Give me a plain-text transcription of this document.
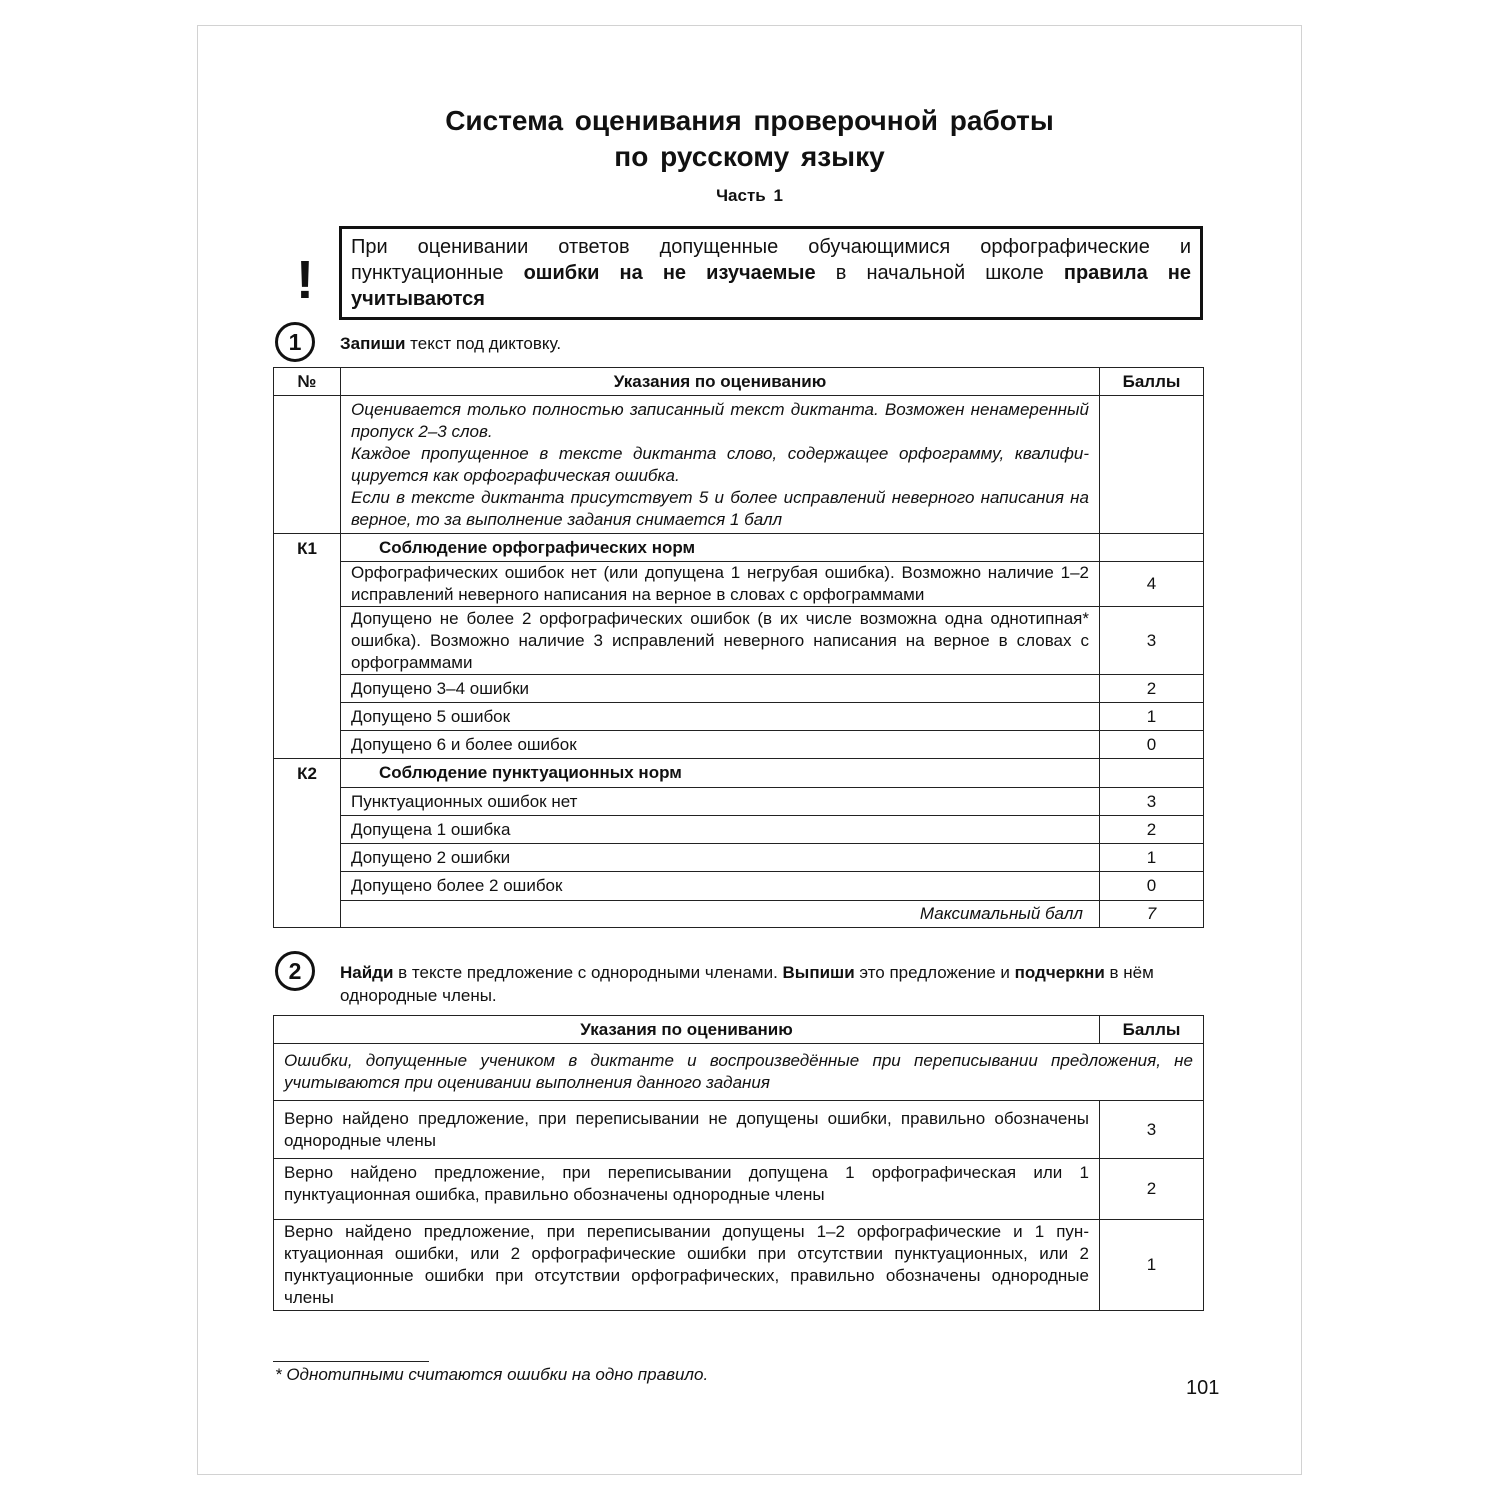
Система оценивания проверочной работы
по русскому языку
Часть 1
!
При оценивании ответов допущенные обучающимися орфографические и пунктуационные ошибки на не изучаемые в начальной школе правила не учитываются
1	Запиши текст под диктовку.
№	Указания по оцениванию	Баллы

	Оценивается только полностью записанный текст диктанта. Возможен ненамеренный пропуск 2–3 слов.
Каждое пропущенное в тексте диктанта слово, содержащее орфограмму, квалифицируется как орфографическая ошибка.
Если в тексте диктанта присутствует 5 и более исправлений неверного написания на верное, то за выполнение задания снимается 1 балл	

К1	Соблюдение орфографических норм	
	Орфографических ошибок нет (или допущена 1 негрубая ошибка). Возможно наличие 1–2 исправлений неверного написания на верное в словах с орфограммами	4
	Допущено не более 2 орфографических ошибок (в их числе возможна одна однотипная* ошибка). Возможно наличие 3 исправлений неверного написания на верное в словах с орфограммами	3
	Допущено 3–4 ошибки	2
	Допущено 5 ошибок	1
	Допущено 6 и более ошибок	0
К2	Соблюдение пунктуационных норм	
	Пунктуационных ошибок нет	3
	Допущена 1 ошибка	2
	Допущено 2 ошибки	1
	Допущено более 2 ошибок	0
	Максимальный балл	7
2	Найди в тексте предложение с однородными членами. Выпиши это предложение и подчеркни в нём однородные члены.
Указания по оцениванию	Баллы
Ошибки, допущенные учеником в диктанте и воспроизведённые при переписывании предложения, не учитываются при оценивании выполнения данного задания	
Верно найдено предложение, при переписывании не допущены ошибки, правильно обозначены однородные члены	3
Верно найдено предложение, при переписывании допущена 1 орфографическая или 1 пунктуационная ошибка, правильно обозначены однородные члены	2
Верно найдено предложение, при переписывании допущены 1–2 орфографические и 1 пунктуационная ошибки, или 2 орфографические ошибки при отсутствии пунктуационных, или 2 пунктуационные ошибки при отсутствии орфографических, правильно обозначены однородные члены	1
* Однотипными считаются ошибки на одно правило.
101
